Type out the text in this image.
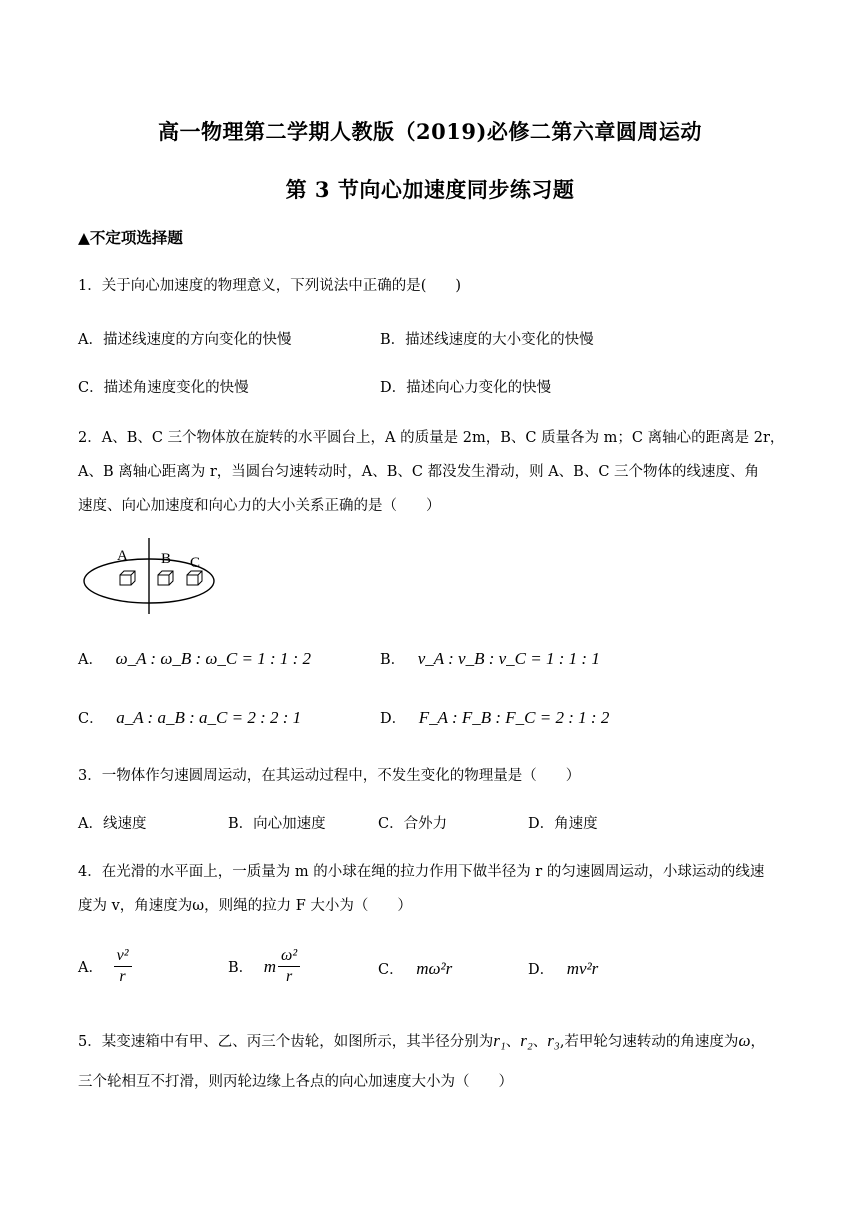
高一物理第二学期人教版（2019)必修二第六章圆周运动
第 3 节向心加速度同步练习题
▲不定项选择题
1．关于向心加速度的物理意义，下列说法中正确的是(　　)
A．描述线速度的方向变化的快慢	B．描述线速度的大小变化的快慢
C．描述角速度变化的快慢	D．描述向心力变化的快慢
2．A、B、C 三个物体放在旋转的水平圆台上，A 的质量是 2m，B、C 质量各为 m；C 离轴心的距离是 2r，
A、B 离轴心距离为 r，当圆台匀速转动时，A、B、C 都没发生滑动，则 A、B、C 三个物体的线速度、角
速度、向心加速度和向心力的大小关系正确的是（　　）
A B C
A． ω_A : ω_B : ω_C = 1 : 1 : 2	B． v_A : v_B : v_C = 1 : 1 : 1
C． a_A : a_B : a_C = 2 : 2 : 1	D． F_A : F_B : F_C = 2 : 1 : 2
3．一物体作匀速圆周运动，在其运动过程中，不发生变化的物理量是（　　）
A．线速度	B．向心加速度	C．合外力	D．角速度
4．在光滑的水平面上，一质量为 m 的小球在绳的拉力作用下做半径为 r 的匀速圆周运动，小球运动的线速
度为 v，角速度为ω，则绳的拉力 F 大小为（　　）
A． $\frac{\text{v²}}{r}$	B． m $\frac{\text{ω²}}{r}$	C． mω²r	D． mv²r
5．某变速箱中有甲、乙、丙三个齿轮，如图所示，其半径分别为r₁、r₂、r₃,若甲轮匀速转动的角速度为ω，
三个轮相互不打滑，则丙轮边缘上各点的向心加速度大小为（　　）
